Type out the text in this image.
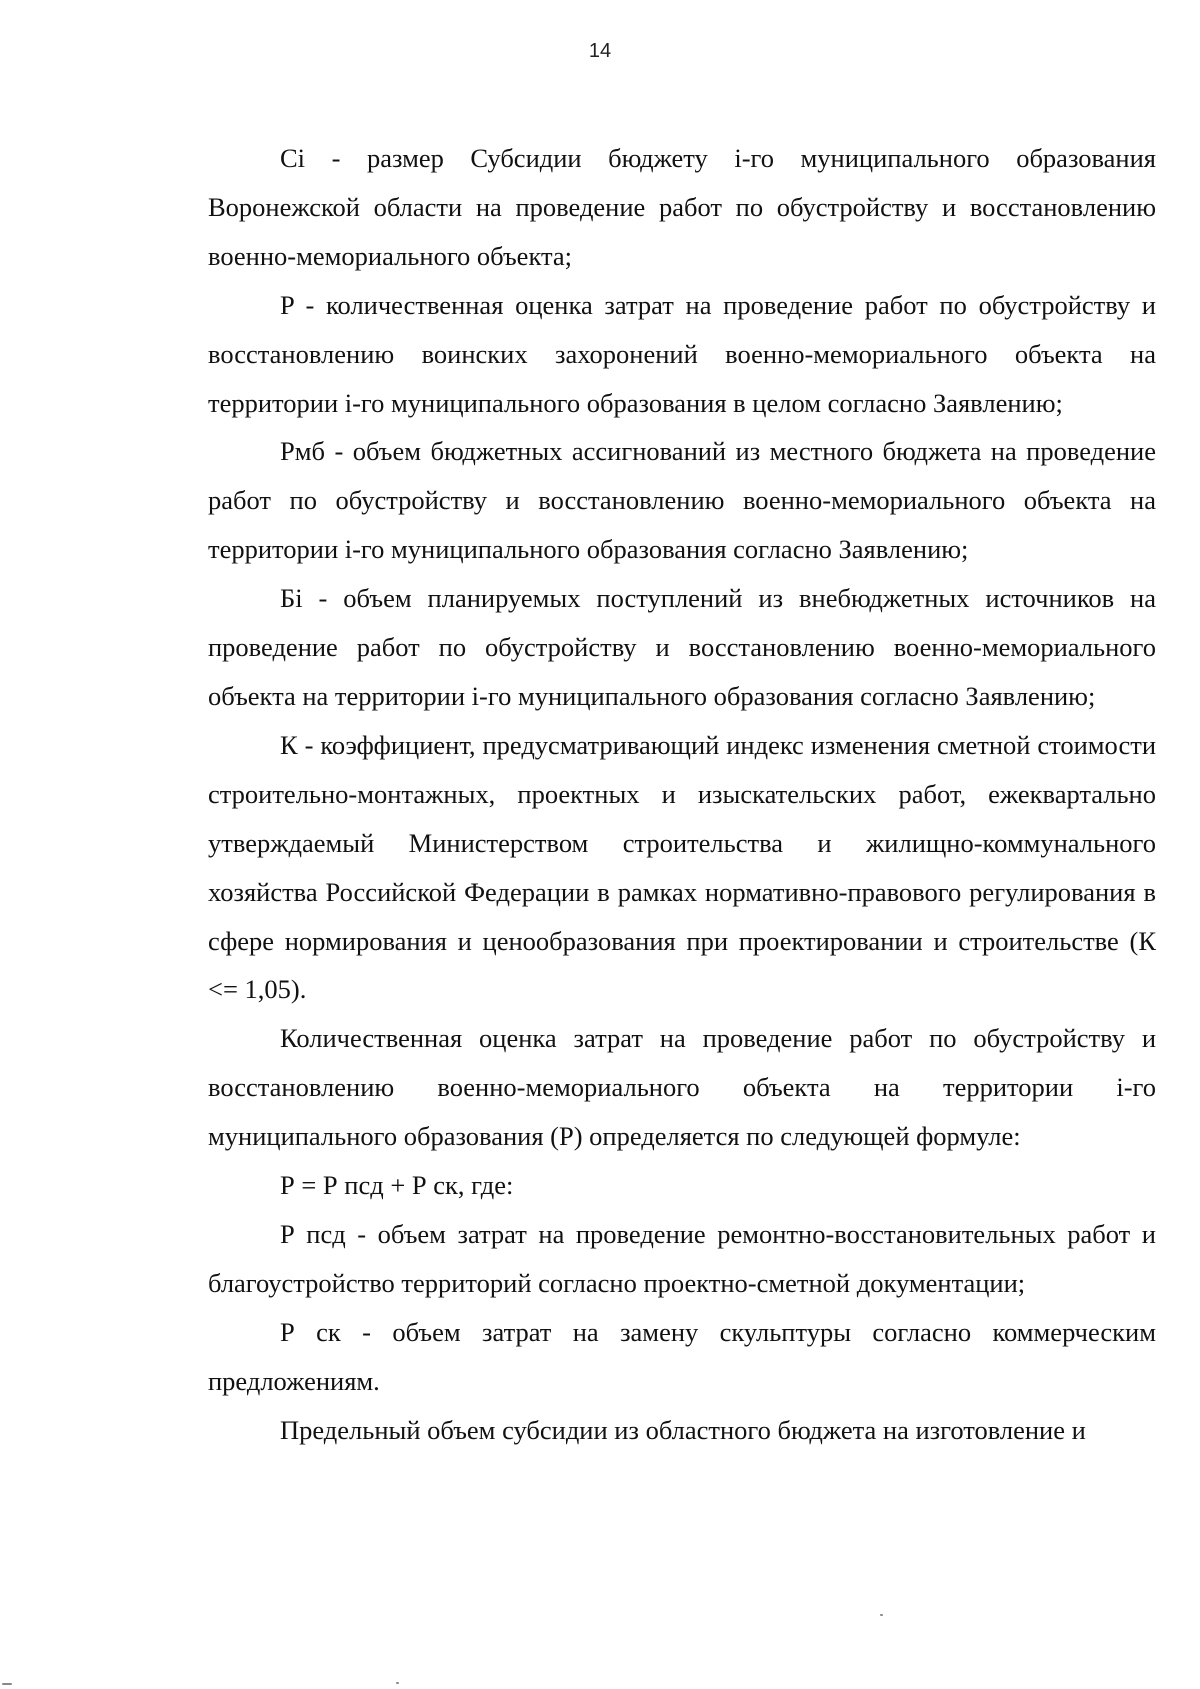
14

Ci - размер Субсидии бюджету i-го муниципального образования Воронежской области на проведение работ по обустройству и восстановлению военно-мемориального объекта;

P - количественная оценка затрат на проведение работ по обустройству и восстановлению воинских захоронений военно-мемориального объекта на территории i-го муниципального образования в целом согласно Заявлению;

Pмб - объем бюджетных ассигнований из местного бюджета на проведение работ по обустройству и восстановлению военно-мемориального объекта на территории i-го муниципального образования согласно Заявлению;

Бi - объем планируемых поступлений из внебюджетных источников на проведение работ по обустройству и восстановлению военно-мемориального объекта на территории i-го муниципального образования согласно Заявлению;

К - коэффициент, предусматривающий индекс изменения сметной стоимости строительно-монтажных, проектных и изыскательских работ, ежеквартально утверждаемый Министерством строительства и жилищно-коммунального хозяйства Российской Федерации в рамках нормативно-правового регулирования в сфере нормирования и ценообразования при проектировании и строительстве (К <= 1,05).

Количественная оценка затрат на проведение работ по обустройству и восстановлению военно-мемориального объекта на территории i-го муниципального образования (Р) определяется по следующей формуле:

Р = Р псд + Р ск, где:

Р псд - объем затрат на проведение ремонтно-восстановительных работ и благоустройство территорий согласно проектно-сметной документации;

Р ск - объем затрат на замену скульптуры согласно коммерческим предложениям.

Предельный объем субсидии из областного бюджета на изготовление и
